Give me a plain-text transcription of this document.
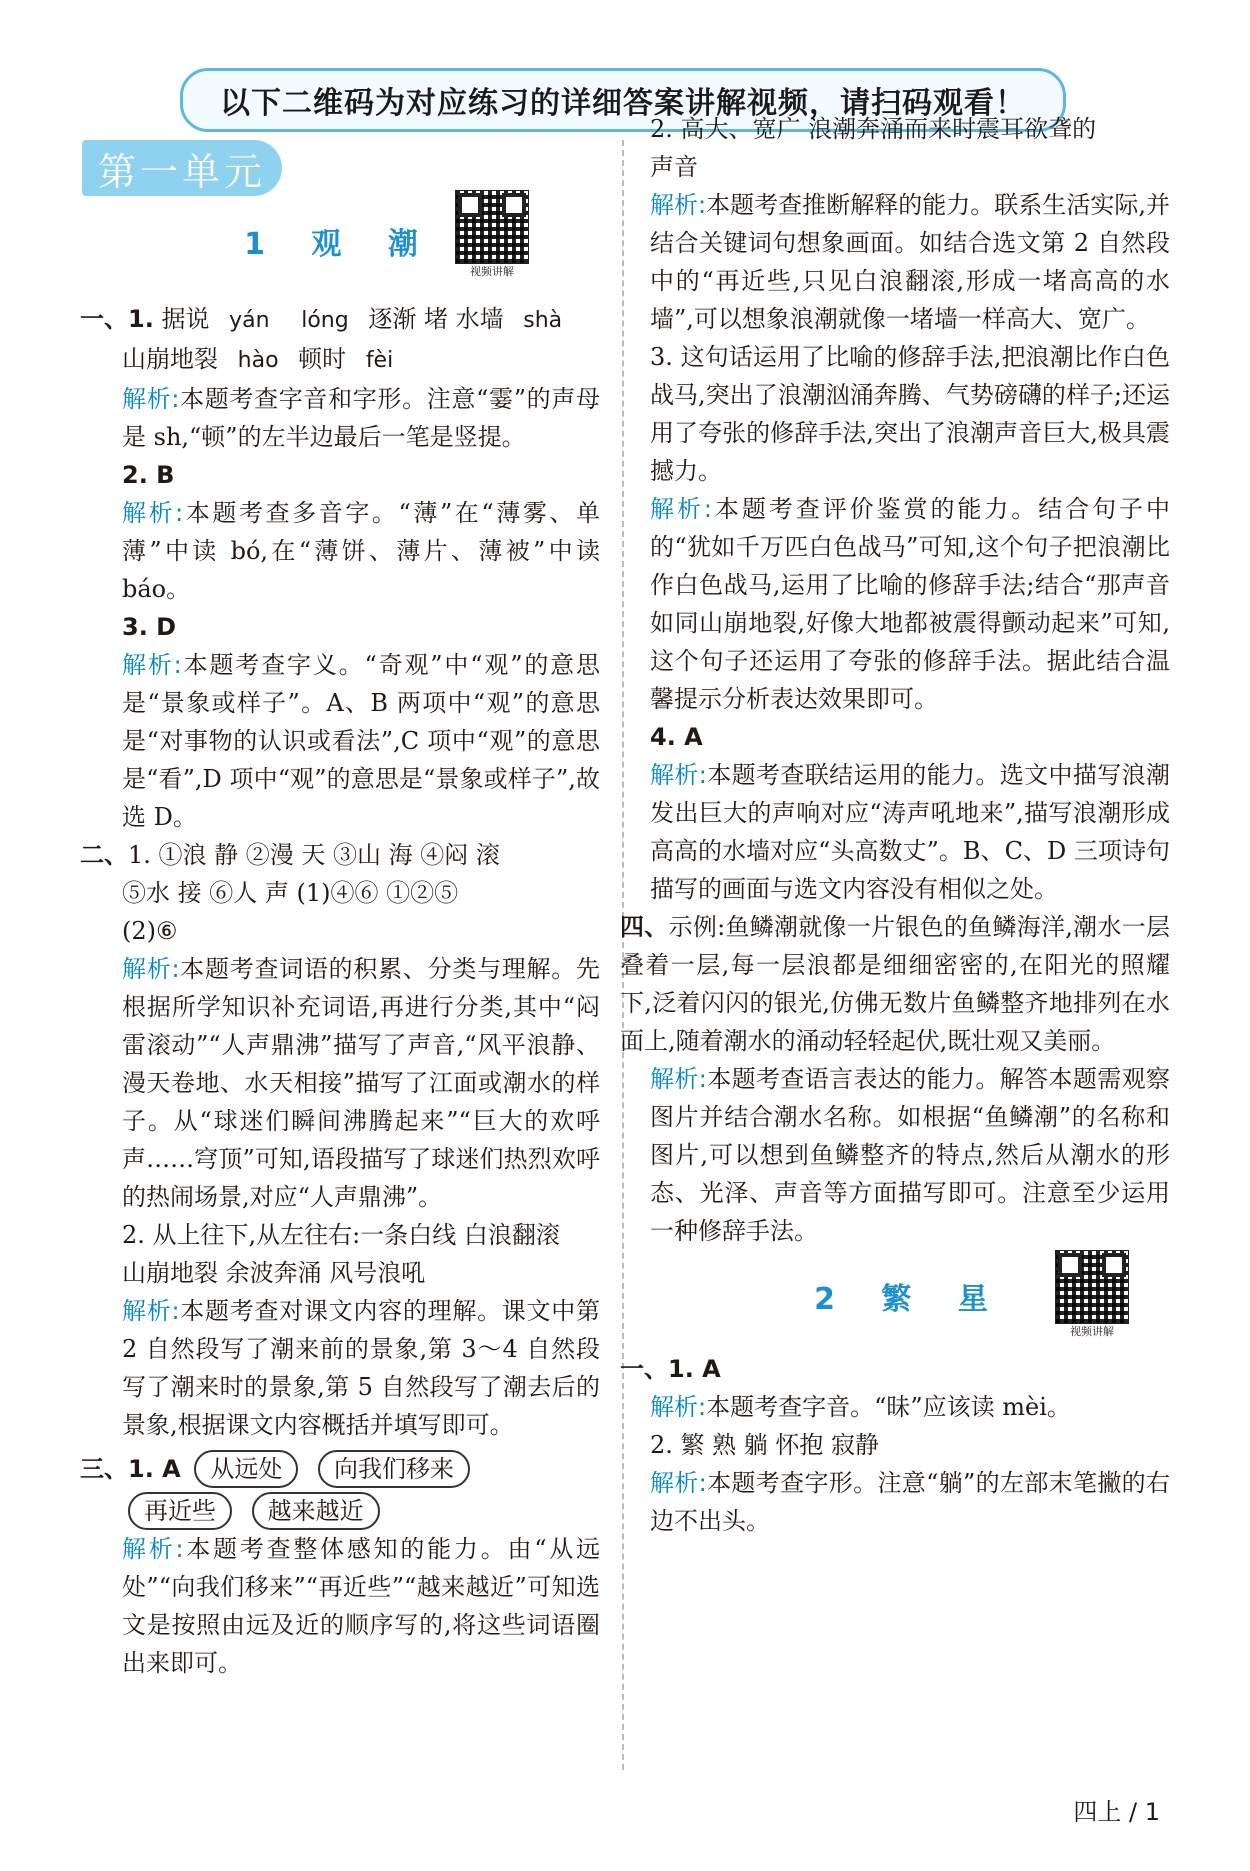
以下二维码为对应练习的详细答案讲解视频，请扫码观看！
第一单元
1 观 潮
视频讲解

一、1. 据说 yán lóng 逐渐 堵 水墙 shà

山崩地裂 hào 顿时 fèi

解析:本题考查字音和字形。注意“霎”的声母是 sh,“顿”的左半边最后一笔是竖提。

2. B

解析:本题考查多音字。“薄”在“薄雾、单薄”中读 bó,在“薄饼、薄片、薄被”中读 báo。

3. D

解析:本题考查字义。“奇观”中“观”的意思是“景象或样子”。A、B 两项中“观”的意思是“对事物的认识或看法”,C 项中“观”的意思是“看”,D 项中“观”的意思是“景象或样子”,故选 D。

二、1. ①浪 静 ②漫 天 ③山 海 ④闷 滚

⑤水 接 ⑥人 声 (1)④⑥ ①②⑤

(2)⑥

解析:本题考查词语的积累、分类与理解。先根据所学知识补充词语,再进行分类,其中“闷雷滚动”“人声鼎沸”描写了声音,“风平浪静、漫天卷地、水天相接”描写了江面或潮水的样子。从“球迷们瞬间沸腾起来”“巨大的欢呼声……穹顶”可知,语段描写了球迷们热烈欢呼的热闹场景,对应“人声鼎沸”。

2. 从上往下,从左往右:一条白线 白浪翻滚

山崩地裂 余波奔涌 风号浪吼

解析:本题考查对课文内容的理解。课文中第 2 自然段写了潮来前的景象,第 3～4 自然段写了潮来时的景象,第 5 自然段写了潮去后的景象,根据课文内容概括并填写即可。

三、1. A 从远处 向我们移来

再近些 越来越近

解析:本题考查整体感知的能力。由“从远处”“向我们移来”“再近些”“越来越近”可知选文是按照由远及近的顺序写的,将这些词语圈出来即可。

2. 高大、宽广 浪潮奔涌而来时震耳欲聋的

声音

解析:本题考查推断解释的能力。联系生活实际,并结合关键词句想象画面。如结合选文第 2 自然段中的“再近些,只见白浪翻滚,形成一堵高高的水墙”,可以想象浪潮就像一堵墙一样高大、宽广。

3. 这句话运用了比喻的修辞手法,把浪潮比作白色战马,突出了浪潮汹涌奔腾、气势磅礴的样子;还运用了夸张的修辞手法,突出了浪潮声音巨大,极具震撼力。

解析:本题考查评价鉴赏的能力。结合句子中的“犹如千万匹白色战马”可知,这个句子把浪潮比作白色战马,运用了比喻的修辞手法;结合“那声音如同山崩地裂,好像大地都被震得颤动起来”可知,这个句子还运用了夸张的修辞手法。据此结合温馨提示分析表达效果即可。

4. A

解析:本题考查联结运用的能力。选文中描写浪潮发出巨大的声响对应“涛声吼地来”,描写浪潮形成高高的水墙对应“头高数丈”。B、C、D 三项诗句描写的画面与选文内容没有相似之处。

四、示例:鱼鳞潮就像一片银色的鱼鳞海洋,潮水一层叠着一层,每一层浪都是细细密密的,在阳光的照耀下,泛着闪闪的银光,仿佛无数片鱼鳞整齐地排列在水面上,随着潮水的涌动轻轻起伏,既壮观又美丽。

解析:本题考查语言表达的能力。解答本题需观察图片并结合潮水名称。如根据“鱼鳞潮”的名称和图片,可以想到鱼鳞整齐的特点,然后从潮水的形态、光泽、声音等方面描写即可。注意至少运用一种修辞手法。

2 繁 星
视频讲解

一、1. A

解析:本题考查字音。“昧”应该读 mèi。

2. 繁 熟 躺 怀抱 寂静

解析:本题考查字形。注意“躺”的左部末笔撇的右边不出头。

四上 / 1
